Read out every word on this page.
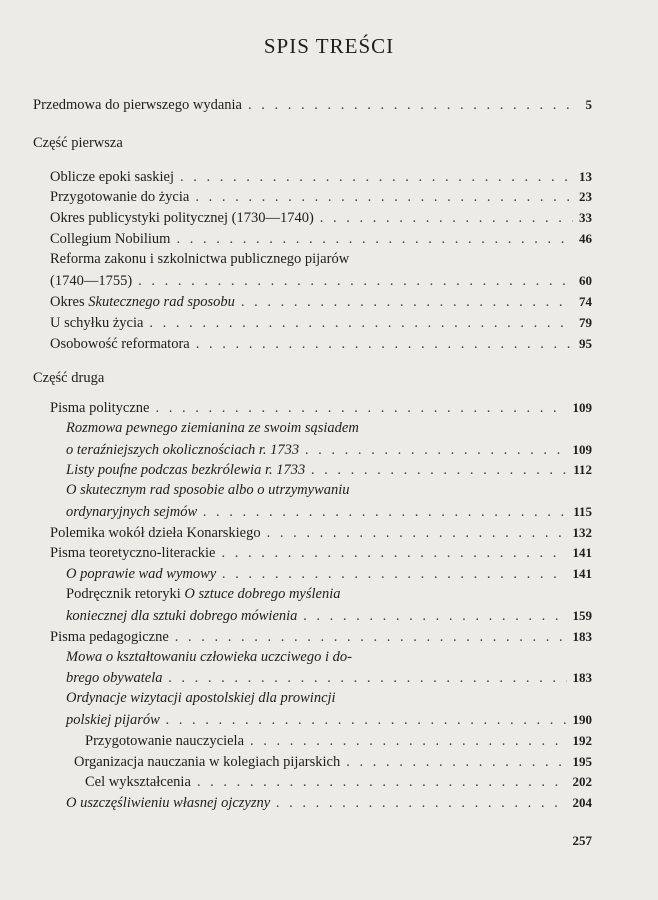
SPIS TREŚCI
Przedmowa do pierwszego wydania . . .	5
Część pierwsza
Oblicze epoki saskiej . . .	13
Przygotowanie do życia . . .	23
Okres publicystyki politycznej (1730—1740) . . .	33
Collegium Nobilium . . .	46
Reforma zakonu i szkolnictwa publicznego pijarów
(1740—1755) . . .	60
Okres Skutecznego rad sposobu . . .	74
U schyłku życia . . .	79
Osobowość reformatora . . .	95
Część druga
Pisma polityczne . . .	109
Rozmowa pewnego ziemianina ze swoim sąsiadem
o teraźniejszych okolicznościach r. 1733 . . .	109
Listy poufne podczas bezkrólewia r. 1733 . . .	112
O skutecznym rad sposobie albo o utrzymywaniu
ordynaryjnych sejmów . . .	115
Polemika wokół dzieła Konarskiego . . .	132
Pisma teoretyczno-literackie . . .	141
O poprawie wad wymowy . . .	141
Podręcznik retoryki O sztuce dobrego myślenia
koniecznej dla sztuki dobrego mówienia . . .	159
Pisma pedagogiczne . . .	183
Mowa o kształtowaniu człowieka uczciwego i do-
brego obywatela . . .	183
Ordynacje wizytacji apostolskiej dla prowincji
polskiej pijarów . . .	190
Przygotowanie nauczyciela . . .	192
Organizacja nauczania w kolegiach pijarskich . . .	195
Cel wykształcenia . . .	202
O uszczęśliwieniu własnej ojczyzny . . .	204
257
